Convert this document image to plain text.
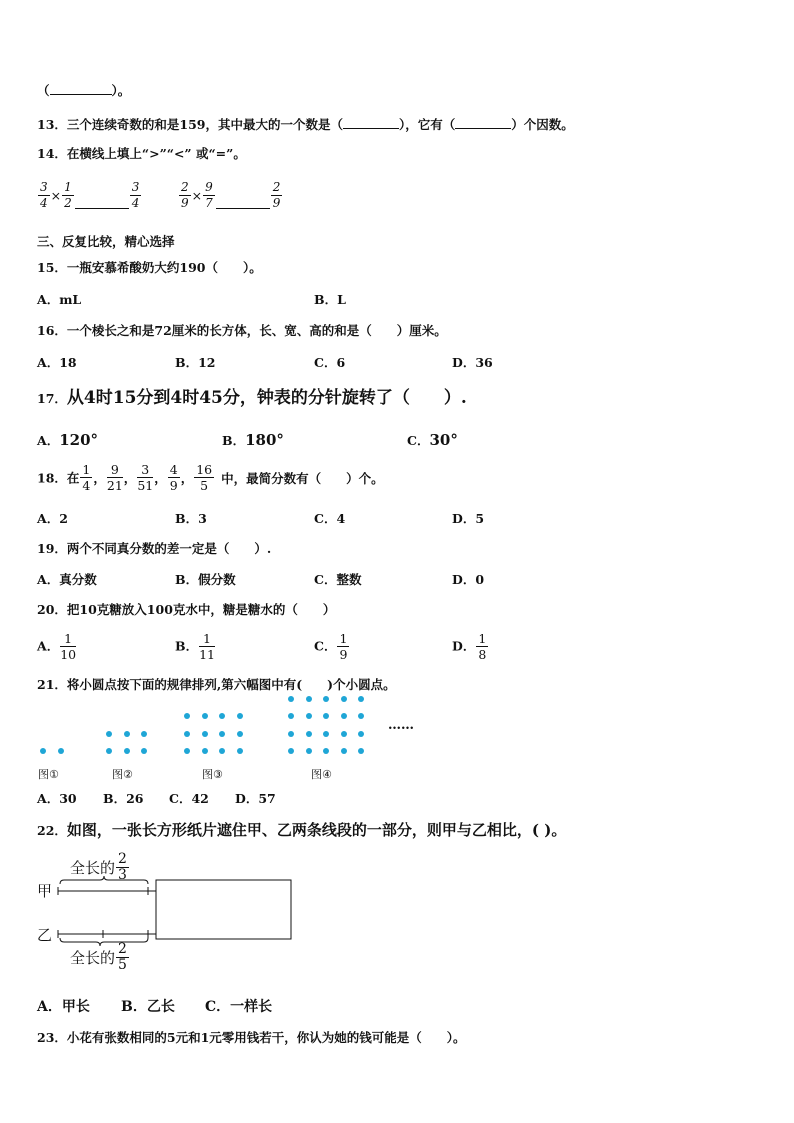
（	）。
13．三个连续奇数的和是159，其中最大的一个数是（	），它有（	）个因数。
14．在横线上填上“>”“<” 或“=”。
$\frac{3}{4} \times \frac{1}{2}$	$\frac{3}{4}$	$\frac{2}{9} \times \frac{9}{7}$	$\frac{2}{9}$
三、反复比较，精心选择
15．一瓶安慕希酸奶大约190（　　）。
A．mL	B．L
16．一个棱长之和是72厘米的长方体，长、宽、高的和是（　　）厘米。
A．18	B．12	C．6	D．36
17．从4时15分到4时45分，钟表的分针旋转了（　　）.
A．120°	B．180°	C．30°
18．在 $\frac{1}{4}$ ， $\frac{9}{21}$ ， $\frac{3}{51}$ ， $\frac{4}{9}$ ， $\frac{16}{5}$ 中，最简分数有（　　）个。
A．2	B．3	C．4	D．5
19．两个不同真分数的差一定是（　　）.
A．真分数	B．假分数	C．整数	D．0
20．把10克糖放入100克水中，糖是糖水的（　　）
A． $\frac{1}{10}$	B． $\frac{1}{11}$	C． $\frac{1}{9}$	D． $\frac{1}{8}$
21．将小圆点按下面的规律排列,第六幅图中有(　　)个小圆点。
……
图①	图②	图③	图④
A．30 B．26 C．42 D．57
22．如图，一张长方形纸片遮住甲、乙两条线段的一部分，则甲与乙相比，( )。
甲
乙
全长的 $\frac{2}{3}$
全长的 $\frac{2}{5}$
A．甲长 B．乙长 C．一样长
23．小花有张数相同的5元和1元零用钱若干，你认为她的钱可能是（　　）。
